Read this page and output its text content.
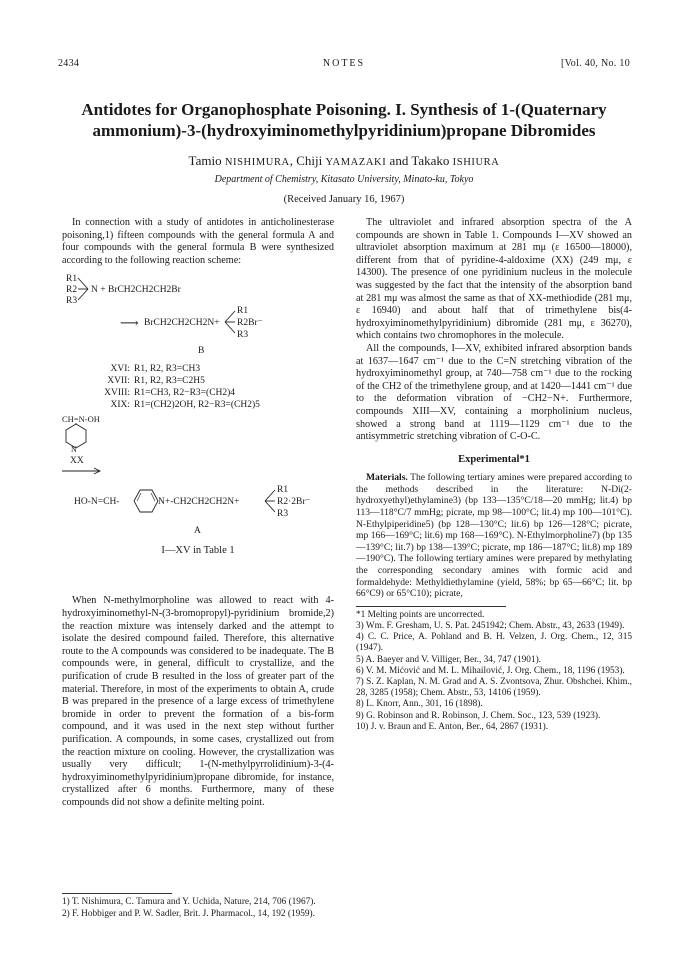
2434	NOTES	[Vol. 40, No. 10
Antidotes for Organophosphate Poisoning. I. Synthesis of 1-(Quaternary
ammonium)-3-(hydroxyiminomethylpyridinium)propane Dibromides
Tamio NISHIMURA, Chiji YAMAZAKI and Takako ISHIURA
Department of Chemistry, Kitasato University, Minato-ku, Tokyo
(Received January 16, 1967)

In connection with a study of antidotes in anticholinesterase poisoning,1) fifteen compounds with the general formula A and four compounds with the general formula B were synthesized according to the following reaction scheme:

R1
R2
R3
N + BrCH2CH2CH2Br
⟶ BrCH2CH2CH2N+
R1
R2Br⁻
R3
B
XVI: R1, R2, R3=CH3
XVII: R1, R2, R3=C2H5
XVIII: R1=CH3, R2−R3=(CH2)4
XIX: R1=(CH2)2OH, R2−R3=(CH2)5
CH=N-OH
N
XX
HO-N=CH-	N+-CH2CH2CH2N+
R1
R2·2Br⁻
R3
A
I—XV in Table 1

When N-methylmorpholine was allowed to react with 4-hydroxyiminomethyl-N-(3-bromopropyl)-pyridinium bromide,2) the reaction mixture was intensely darked and the attempt to isolate the desired compound failed. Therefore, this alternative route to the A compounds was considered to be inadequate. The B compounds were, in general, difficult to crystallize, and the purification of crude B resulted in the loss of greater part of the material. Therefore, in most of the experiments to obtain A, crude B was prepared in the presence of a large excess of trimethylene bromide in order to prevent the formation of a bis-form compound, and it was used in the next step without further purification. A compounds, in some cases, crystallized out from the reaction mixture on cooling. However, the crystallization was usually very difficult; 1-(N-methylpyrrolidinium)-3-(4-hydroxyiminomethylpyridinium)propane dibromide, for instance, crystallized after 6 months. Furthermore, many of these compounds did not show a definite melting point.

1) T. Nishimura, C. Tamura and Y. Uchida, Nature, 214, 706 (1967).
2) F. Hobbiger and P. W. Sadler, Brit. J. Pharmacol., 14, 192 (1959).

The ultraviolet and infrared absorption spectra of the A compounds are shown in Table 1. Compounds I—XV showed an ultraviolet absorption maximum at 281 mμ (ε 16500—18000), different from that of pyridine-4-aldoxime (XX) (249 mμ, ε 14300). The presence of one pyridinium nucleus in the molecule was suggested by the fact that the intensity of the absorption band at 281 mμ was almost the same as that of XX-methiodide (281 mμ, ε 16940) and about half that of trimethylene bis(4-hydroxyiminomethylpyridinium) dibromide (281 mμ, ε 36270), which contains two chromophores in the molecule.

All the compounds, I—XV, exhibited infrared absorption bands at 1637—1647 cm⁻¹ due to the C=N stretching vibration of the hydroxyiminomethyl group, at 740—758 cm⁻¹ due to the rocking of the CH2 of the trimethylene group, and at 1420—1441 cm⁻¹ due to the deformation vibration of −CH2−N+. Furthermore, compounds XIII—XV, containing a morpholinium nucleus, showed a strong band at 1119—1129 cm⁻¹ due to the antisymmetric stretching vibration of C-O-C.

Experimental*1

Materials. The following tertiary amines were prepared according to the methods described in the literature: N-Di(2-hydroxyethyl)ethylamine3) (bp 133—135°C/18—20 mmHg; lit.4) bp 113—118°C/7 mmHg; picrate, mp 98—100°C; lit.4) mp 100—101°C). N-Ethylpiperidine5) (bp 128—130°C; lit.6) bp 126—128°C; picrate, mp 166—169°C; lit.6) mp 168—169°C). N-Ethylmorpholine7) (bp 135—139°C; lit.7) bp 138—139°C; picrate, mp 186—187°C; lit.8) mp 189—190°C). The following tertiary amines were prepared by methylating the corresponding secondary amines with formic acid and formaldehyde: Methyldiethylamine (yield, 58%; bp 65—66°C; lit. bp 66°C9) or 65°C10); picrate,

*1 Melting points are uncorrected.

3) Wm. F. Gresham, U. S. Pat. 2451942; Chem. Abstr., 43, 2633 (1949).

4) C. C. Price, A. Pohland and B. H. Velzen, J. Org. Chem., 12, 315 (1947).

5) A. Baeyer and V. Villiger, Ber., 34, 747 (1901).

6) V. M. Mićović and M. L. Mihailović, J. Org. Chem., 18, 1196 (1953).

7) S. Z. Kaplan, N. M. Grad and A. S. Zvontsova, Zhur. Obshchei. Khim., 28, 3285 (1958); Chem. Abstr., 53, 14106 (1959).

8) L. Knorr, Ann., 301, 16 (1898).

9) G. Robinson and R. Robinson, J. Chem. Soc., 123, 539 (1923).

10) J. v. Braun and E. Anton, Ber., 64, 2867 (1931).
